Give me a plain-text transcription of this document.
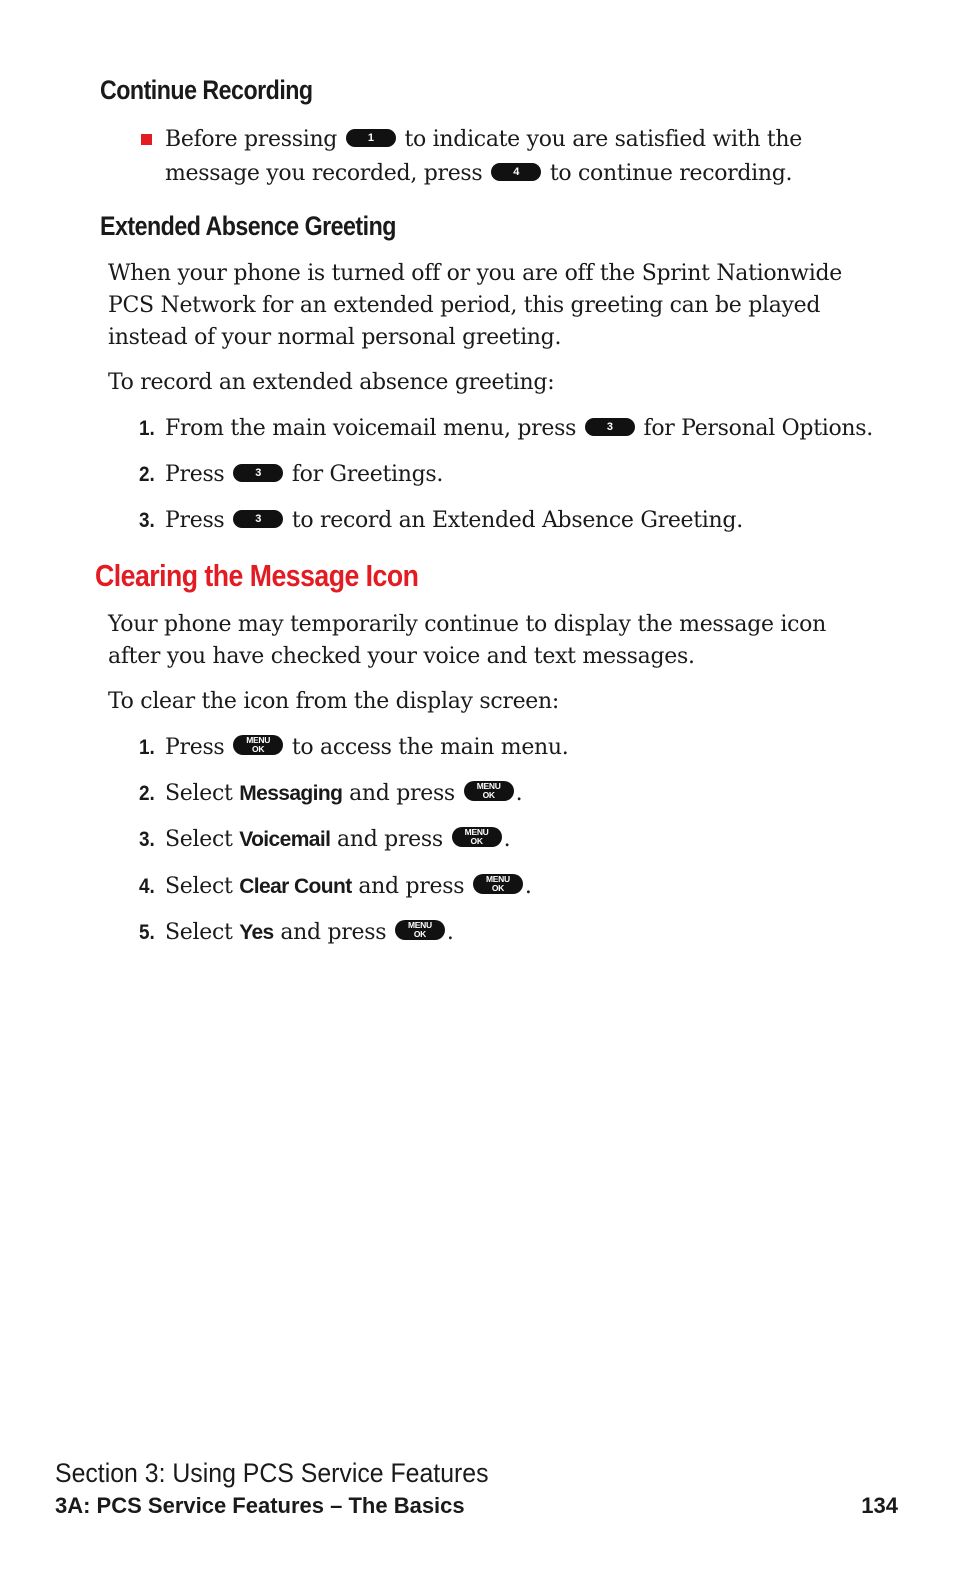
Continue Recording
Before pressing	1 to indicate you are satisfied with the
message you recorded, press	4 to continue recording.
Extended Absence Greeting
When your phone is turned off or you are off the Sprint Nationwide PCS Network for an extended period, this greeting can be played instead of your normal personal greeting.
To record an extended absence greeting:
1. From the main voicemail menu, press	3 for Personal Options.
2. Press	3 for Greetings.
3. Press	3 to record an Extended Absence Greeting.
Clearing the Message Icon
Your phone may temporarily continue to display the message icon after you have checked your voice and text messages.
To clear the icon from the display screen:
1. Press	MENU
OK	to access the main menu.
2. Select Messaging and press	MENU
OK .
3. Select Voicemail and press	MENU
OK .
4. Select Clear Count and press	MENU
OK .
5. Select Yes and press	MENU
OK .
Section 3: Using PCS Service Features
3A: PCS Service Features – The Basics	134
